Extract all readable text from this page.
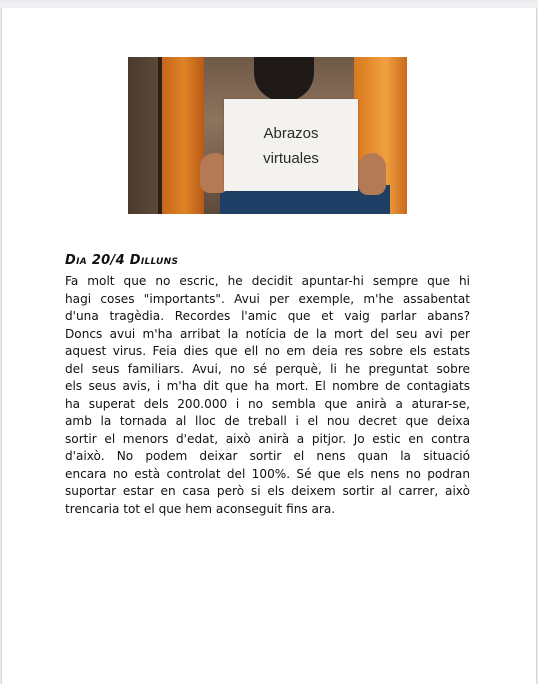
Abrazos
virtuales
Dia 20/4 Dilluns
Fa molt que no escric, he decidit apuntar-hi sempre que hi
hagi coses "importants". Avui per exemple, m'he assabentat
d'una tragèdia. Recordes l'amic que et vaig parlar abans?
Doncs avui m'ha arribat la notícia de la mort del seu avi per
aquest virus. Feia dies que ell no em deia res sobre els estats
del seus familiars. Avui, no sé perquè, li he preguntat sobre
els seus avis, i m'ha dit que ha mort. El nombre de contagiats
ha superat dels 200.000 i no sembla que anirà a aturar-se,
amb la tornada al lloc de treball i el nou decret que deixa
sortir el menors d'edat, això anirà a pitjor. Jo estic en contra
d'això. No podem deixar sortir el nens quan la situació
encara no està controlat del 100%. Sé que els nens no podran
suportar estar en casa però si els deixem sortir al carrer, això
trencaria tot el que hem aconseguit fins ara.
